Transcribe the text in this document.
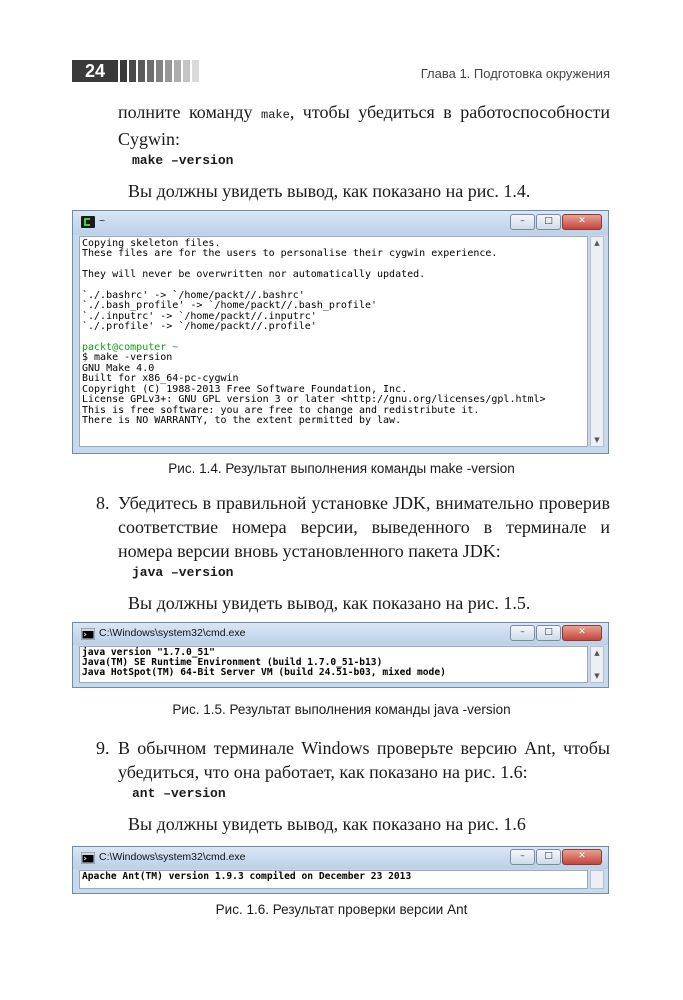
24	Глава 1. Подготовка окружения
полните команду make, чтобы убедиться в работоспособности Cygwin:
make –version
Вы должны увидеть вывод, как показано на рис. 1.4.
~	–	□	✕
Copying skeleton files.
These files are for the users to personalise their cygwin experience.

They will never be overwritten nor automatically updated.

`./.bashrc' -> `/home/packt//.bashrc'
`./.bash_profile' -> `/home/packt//.bash_profile'
`./.inputrc' -> `/home/packt//.inputrc'
`./.profile' -> `/home/packt//.profile'

packt@computer ~
$ make -version
GNU Make 4.0
Built for x86_64-pc-cygwin
Copyright (C) 1988-2013 Free Software Foundation, Inc.
License GPLv3+: GNU GPL version 3 or later <http://gnu.org/licenses/gpl.html>
This is free software: you are free to change and redistribute it.
There is NO WARRANTY, to the extent permitted by law.
▲
▼
Рис. 1.4. Результат выполнения команды make -version
8. Убедитесь в правильной установке JDK, внимательно проверив соответствие номера версии, выведенного в терминале и номера версии вновь установленного пакета JDK:
java –version
Вы должны увидеть вывод, как показано на рис. 1.5.
C:\Windows\system32\cmd.exe	–	□	✕
java version "1.7.0_51"
Java(TM) SE Runtime Environment (build 1.7.0_51-b13)
Java HotSpot(TM) 64-Bit Server VM (build 24.51-b03, mixed mode)
▲
▼
Рис. 1.5. Результат выполнения команды java -version
9. В обычном терминале Windows проверьте версию Ant, чтобы убедиться, что она работает, как показано на рис. 1.6:
ant –version
Вы должны увидеть вывод, как показано на рис. 1.6
C:\Windows\system32\cmd.exe	–	□	✕
Apache Ant(TM) version 1.9.3 compiled on December 23 2013
Рис. 1.6. Результат проверки версии Ant
